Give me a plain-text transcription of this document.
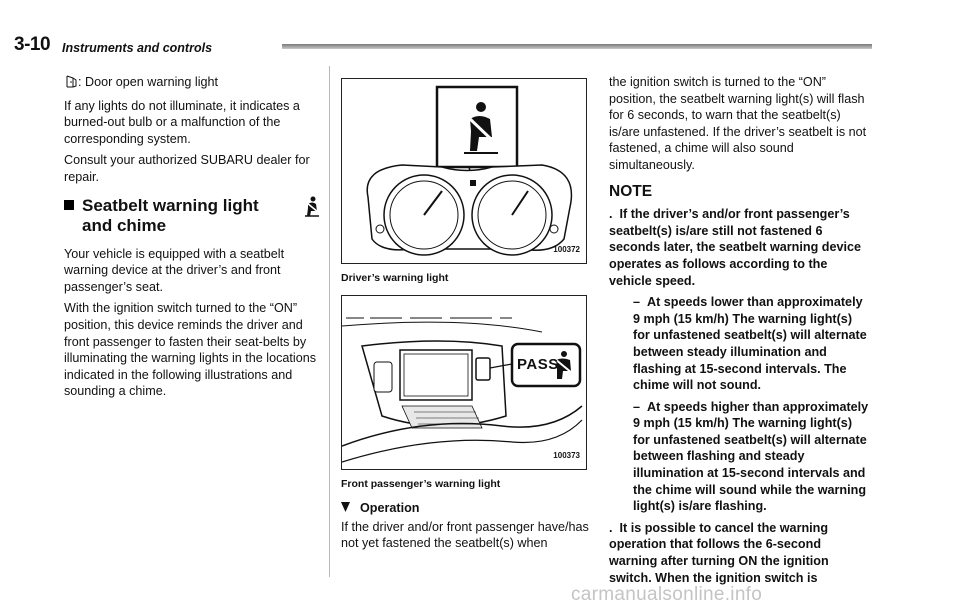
3-10 Instruments and controls

: Door open warning light

If any lights do not illuminate, it indicates a burned-out bulb or a malfunction of the corresponding system.

Consult your authorized SUBARU dealer for repair.

Seatbelt warning light
and chime

Your vehicle is equipped with a seatbelt warning device at the driver’s and front passenger’s seat.

With the ignition switch turned to the “ON” position, this device reminds the driver and front passenger to fasten their seat-belts by illuminating the warning lights in the locations indicated in the following illustrations and sounding a chime.

100372
Driver’s warning light
PASS
100373
Front passenger’s warning light
Operation

If the driver and/or front passenger have/has not yet fastened the seatbelt(s) when

the ignition switch is turned to the “ON” position, the seatbelt warning light(s) will flash for 6 seconds, to warn that the seatbelt(s) is/are unfastened. If the driver’s seatbelt is not fastened, a chime will also sound simultaneously.

NOTE
.  If the driver’s and/or front passenger’s seatbelt(s) is/are still not fastened 6 seconds later, the seatbelt warning device operates as follows according to the vehicle speed.
–  At speeds lower than approximately 9 mph (15 km/h) The warning light(s) for unfastened seatbelt(s) will alternate between steady illumination and flashing at 15-second intervals. The chime will not sound.
–  At speeds higher than approximately 9 mph (15 km/h) The warning light(s) for unfastened seatbelt(s) will alternate between flashing and steady illumination at 15-second intervals and the chime will sound while the warning light(s) is/are flashing.
.  It is possible to cancel the warning operation that follows the 6-second warning after turning ON the ignition switch. When the ignition switch is
carmanualsonline.info
